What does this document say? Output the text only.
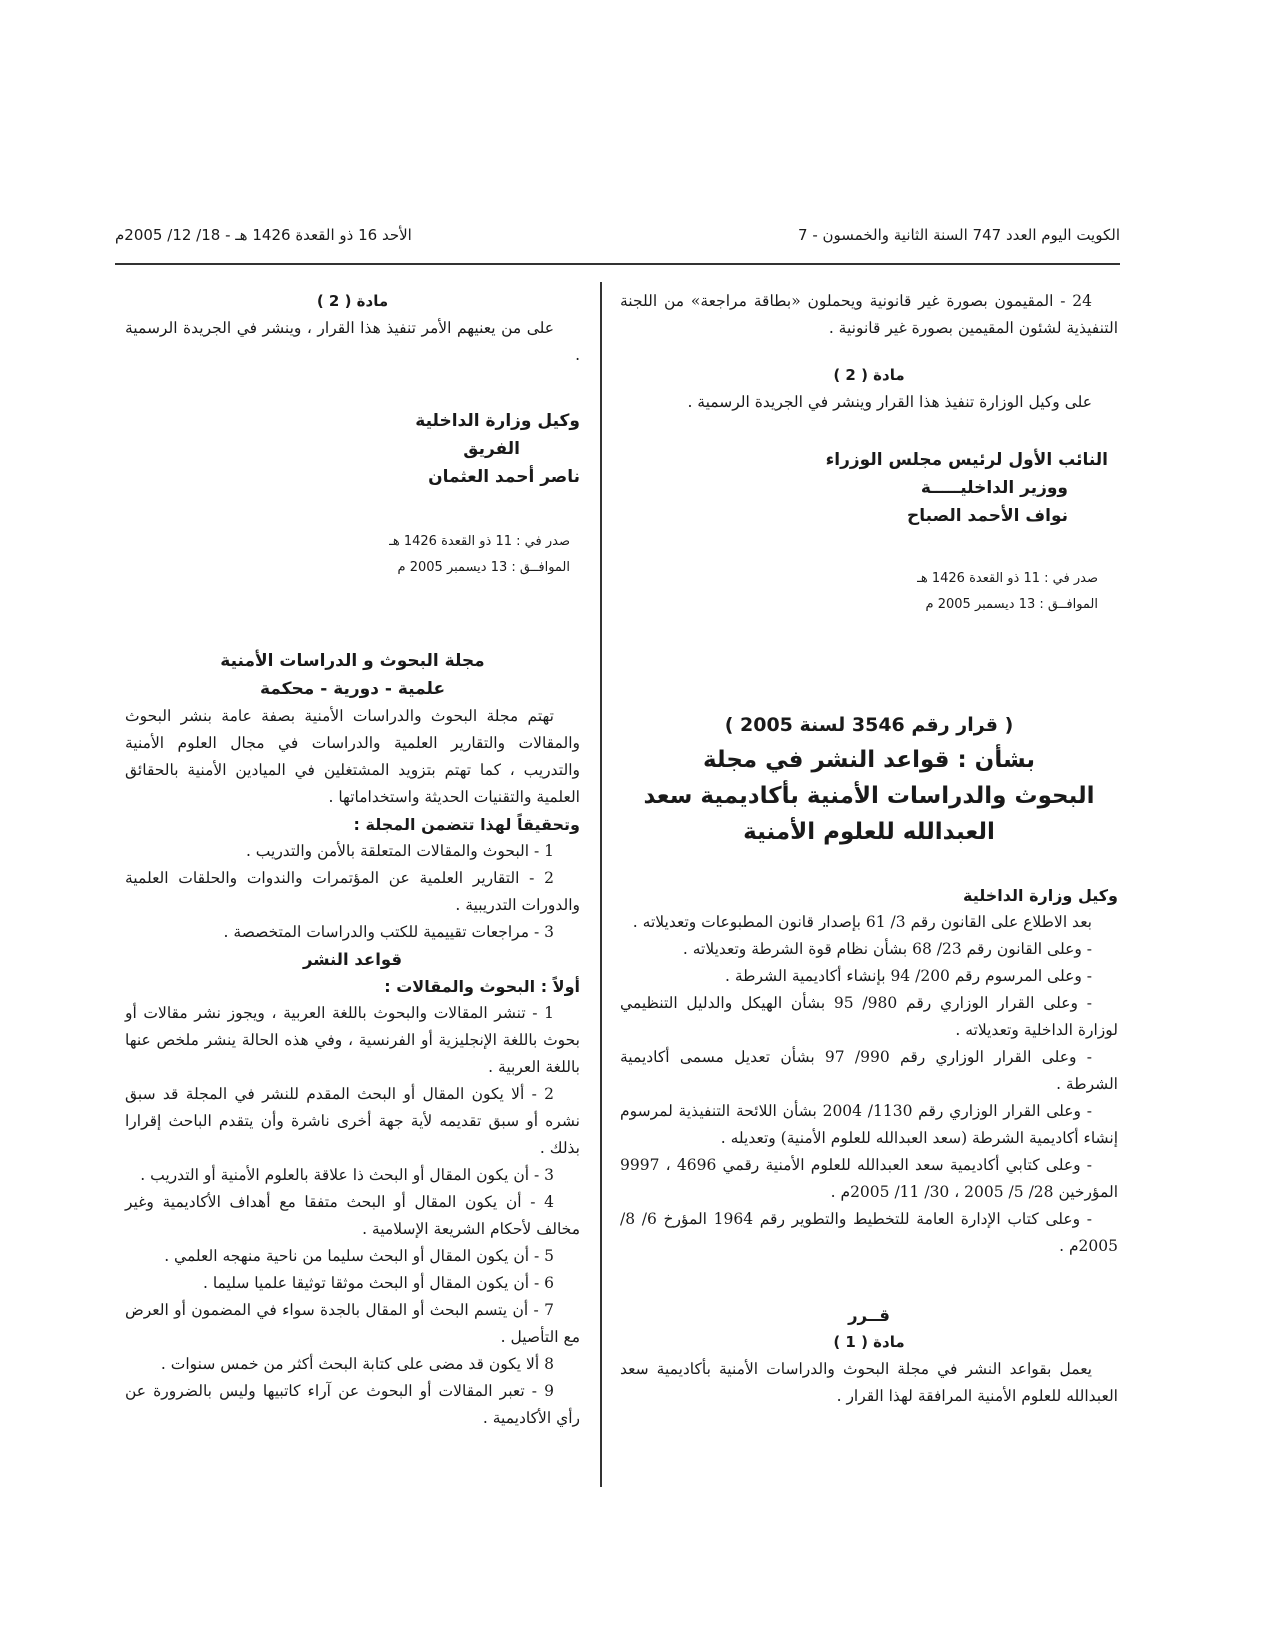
الكويت اليوم العدد 747 السنة الثانية والخمسون - 7
الأحد 16 ذو القعدة 1426 هـ - 18/ 12/ 2005م

24 - المقيمون بصورة غير قانونية ويحملون «بطاقة مراجعة» من اللجنة التنفيذية لشئون المقيمين بصورة غير قانونية .

مادة ( 2 )

على وكيل الوزارة تنفيذ هذا القرار وينشر في الجريدة الرسمية .

النائب الأول لرئيس مجلس الوزراء
ووزير الداخليـــــة
نواف الأحمد الصباح
صدر في : 11 ذو القعدة 1426 هـ
الموافــق : 13 ديسمبر 2005 م
( قرار رقم 3546 لسنة 2005 )
بشأن : قواعد النشر في مجلة
البحوث والدراسات الأمنية بأكاديمية سعد
العبدالله للعلوم الأمنية

وكيل وزارة الداخلية

بعد الاطلاع على القانون رقم 3/ 61 بإصدار قانون المطبوعات وتعديلاته .

- وعلى القانون رقم 23/ 68 بشأن نظام قوة الشرطة وتعديلاته .

- وعلى المرسوم رقم 200/ 94 بإنشاء أكاديمية الشرطة .

- وعلى القرار الوزاري رقم 980/ 95 بشأن الهيكل والدليل التنظيمي لوزارة الداخلية وتعديلاته .

- وعلى القرار الوزاري رقم 990/ 97 بشأن تعديل مسمى أكاديمية الشرطة .

- وعلى القرار الوزاري رقم 1130/ 2004 بشأن اللائحة التنفيذية لمرسوم إنشاء أكاديمية الشرطة (سعد العبدالله للعلوم الأمنية) وتعديله .

- وعلى كتابي أكاديمية سعد العبدالله للعلوم الأمنية رقمي 4696 ، 9997 المؤرخين 28/ 5/ 2005 ، 30/ 11/ 2005م .

- وعلى كتاب الإدارة العامة للتخطيط والتطوير رقم 1964 المؤرخ 6/ 8/ 2005م .

قــرر

مادة ( 1 )

يعمل بقواعد النشر في مجلة البحوث والدراسات الأمنية بأكاديمية سعد العبدالله للعلوم الأمنية المرافقة لهذا القرار .

مادة ( 2 )

على من يعنيهم الأمر تنفيذ هذا القرار ، وينشر في الجريدة الرسمية .

وكيل وزارة الداخلية
الفريق
ناصر أحمد العثمان
صدر في : 11 ذو القعدة 1426 هـ
الموافــق : 13 ديسمبر 2005 م

مجلة البحوث و الدراسات الأمنية

علمية - دورية - محكمة

تهتم مجلة البحوث والدراسات الأمنية بصفة عامة بنشر البحوث والمقالات والتقارير العلمية والدراسات في مجال العلوم الأمنية والتدريب ، كما تهتم بتزويد المشتغلين في الميادين الأمنية بالحقائق العلمية والتقنيات الحديثة واستخداماتها .

وتحقيقاً لهذا تتضمن المجلة :

1 - البحوث والمقالات المتعلقة بالأمن والتدريب .

2 - التقارير العلمية عن المؤتمرات والندوات والحلقات العلمية والدورات التدريبية .

3 - مراجعات تقييمية للكتب والدراسات المتخصصة .

قواعد النشر

أولاً : البحوث والمقالات :

1 - تنشر المقالات والبحوث باللغة العربية ، ويجوز نشر مقالات أو بحوث باللغة الإنجليزية أو الفرنسية ، وفي هذه الحالة ينشر ملخص عنها باللغة العربية .

2 - ألا يكون المقال أو البحث المقدم للنشر في المجلة قد سبق نشره أو سبق تقديمه لأية جهة أخرى ناشرة وأن يتقدم الباحث إقرارا بذلك .

3 - أن يكون المقال أو البحث ذا علاقة بالعلوم الأمنية أو التدريب .

4 - أن يكون المقال أو البحث متفقا مع أهداف الأكاديمية وغير مخالف لأحكام الشريعة الإسلامية .

5 - أن يكون المقال أو البحث سليما من ناحية منهجه العلمي .

6 - أن يكون المقال أو البحث موثقا توثيقا علميا سليما .

7 - أن يتسم البحث أو المقال بالجدة سواء في المضمون أو العرض مع التأصيل .

8 ألا يكون قد مضى على كتابة البحث أكثر من خمس سنوات .

9 - تعبر المقالات أو البحوث عن آراء كاتبيها وليس بالضرورة عن رأي الأكاديمية .
